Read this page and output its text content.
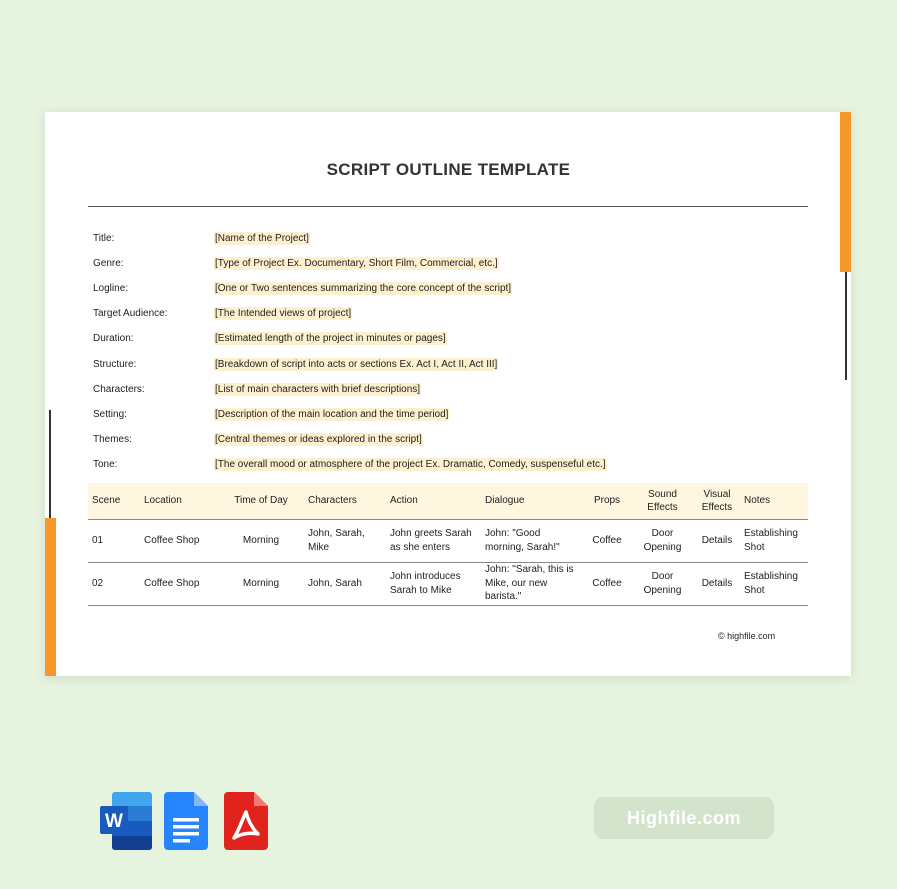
SCRIPT OUTLINE TEMPLATE
Title:	[Name of the Project]
Genre:	[Type of Project Ex. Documentary, Short Film, Commercial, etc.]
Logline:	[One or Two sentences summarizing the core concept of the script]
Target Audience:	[The Intended views of project]
Duration:	[Estimated length of the project in minutes or pages]
Structure:	[Breakdown of script into acts or sections Ex. Act I, Act II, Act III]
Characters:	[List of main characters with brief descriptions]
Setting:	[Description of the main location and the time period]
Themes:	[Central themes or ideas explored in the script]
Tone:	[The overall mood or atmosphere of the project Ex. Dramatic, Comedy, suspenseful etc.]
Scene	Location	Time of Day	Characters	Action	Dialogue	Props	Sound Effects	Visual Effects	Notes
01	Coffee Shop	Morning	John, Sarah, Mike	John greets Sarah as she enters	John: "Good morning, Sarah!"	Coffee	Door Opening	Details	Establishing Shot
02	Coffee Shop	Morning	John, Sarah	John introduces Sarah to Mike	John: "Sarah, this is Mike, our new barista."	Coffee	Door Opening	Details	Establishing Shot
© highfile.com
W	Highfile.com
